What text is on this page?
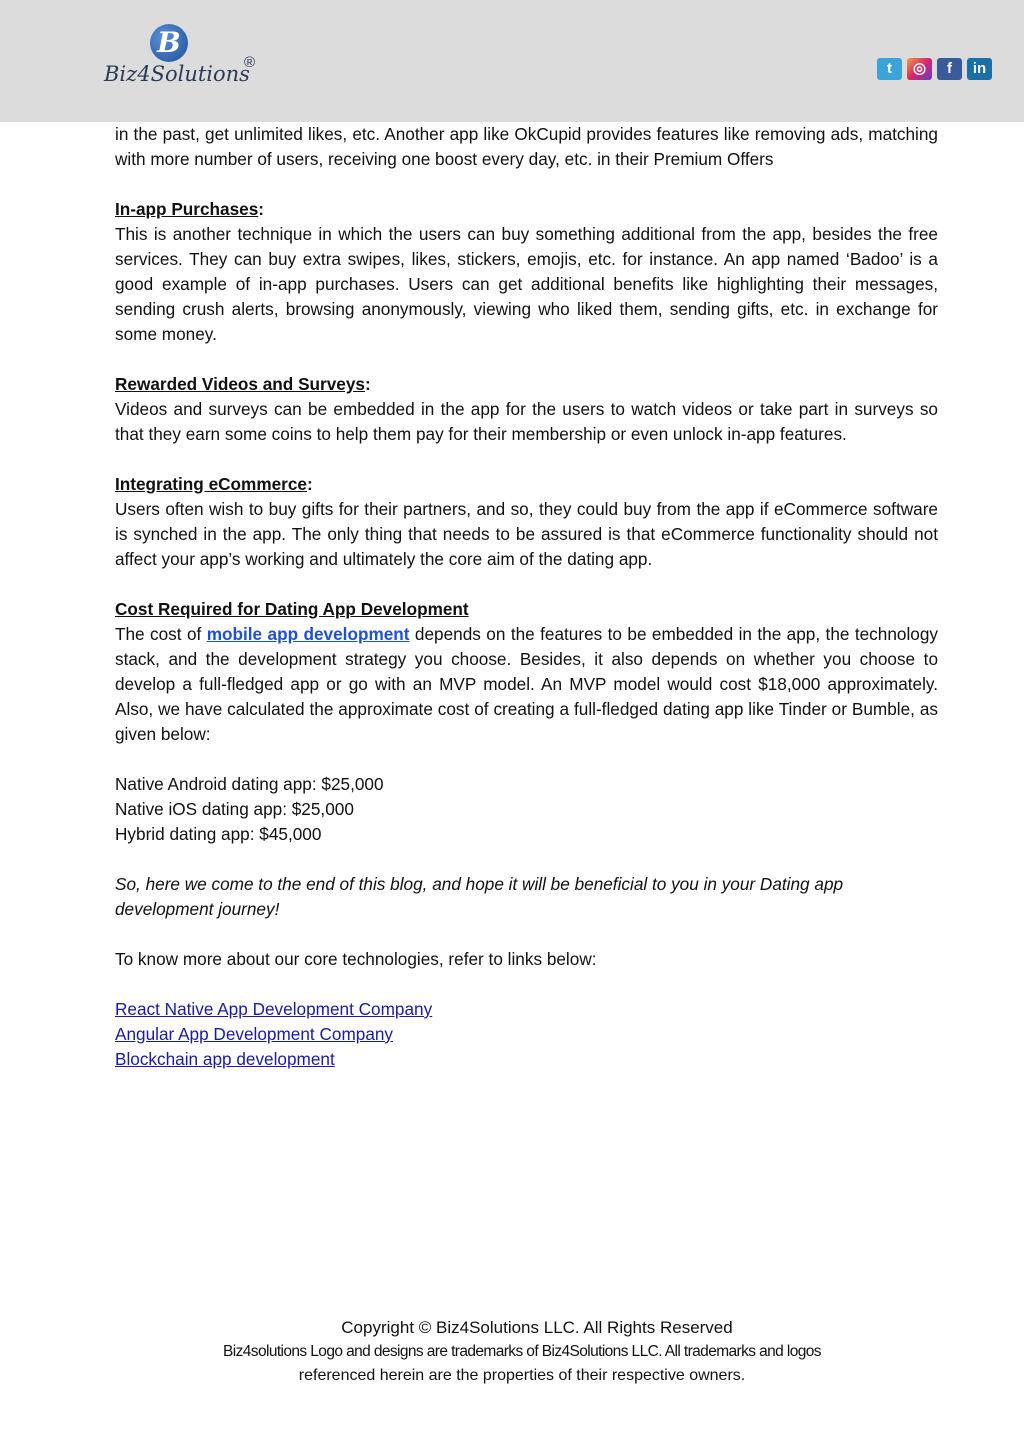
B
Biz4Solutions
®	t	◎	f	in

in the past, get unlimited likes, etc. Another app like OkCupid provides features like removing ads, matching with more number of users, receiving one boost every day, etc. in their Premium Offers

In-app Purchases:

This is another technique in which the users can buy something additional from the app, besides the free services. They can buy extra swipes, likes, stickers, emojis, etc. for instance. An app named ‘Badoo’ is a good example of in-app purchases. Users can get additional benefits like highlighting their messages, sending crush alerts, browsing anonymously, viewing who liked them, sending gifts, etc. in exchange for some money.

Rewarded Videos and Surveys:

Videos and surveys can be embedded in the app for the users to watch videos or take part in surveys so that they earn some coins to help them pay for their membership or even unlock in-app features.

Integrating eCommerce:

Users often wish to buy gifts for their partners, and so, they could buy from the app if eCommerce software is synched in the app. The only thing that needs to be assured is that eCommerce functionality should not affect your app’s working and ultimately the core aim of the dating app.

Cost Required for Dating App Development

The cost of mobile app development depends on the features to be embedded in the app, the technology stack, and the development strategy you choose. Besides, it also depends on whether you choose to develop a full-fledged app or go with an MVP model. An MVP model would cost $18,000 approximately. Also, we have calculated the approximate cost of creating a full-fledged dating app like Tinder or Bumble, as given below:

Native Android dating app: $25,000

Native iOS dating app: $25,000

Hybrid dating app: $45,000

So, here we come to the end of this blog, and hope it will be beneficial to you in your Dating app development journey!

To know more about our core technologies, refer to links below:

React Native App Development Company

Angular App Development Company

Blockchain app development

Copyright © Biz4Solutions LLC. All Rights Reserved
Biz4solutions Logo and designs are trademarks of Biz4Solutions LLC. All trademarks and logos
referenced herein are the properties of their respective owners.
